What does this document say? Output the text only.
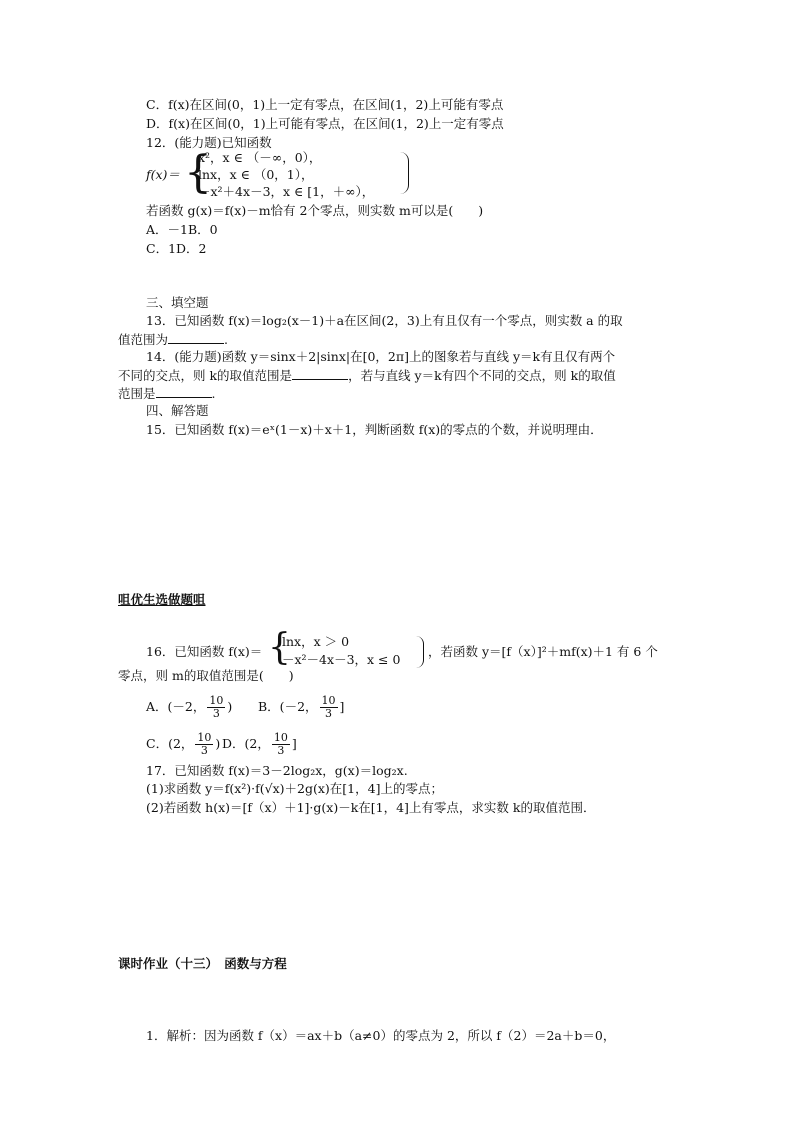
C．f(x)在区间(0，1)上一定有零点，在区间(1，2)上可能有零点
D．f(x)在区间(0，1)上可能有零点，在区间(1，2)上一定有零点
12．(能力题)已知函数
f(x)＝ {
x²，x ∈ （－∞，0），
lnx，x ∈ （0，1），
－x²＋4x－3，x ∈ [1，＋∞），
若函数 g(x)＝f(x)－m恰有 2个零点，则实数 m可以是(　　)
A．－1B．0
C．1D．2
三、填空题
13．已知函数 f(x)＝log₂(x－1)＋a在区间(2，3)上有且仅有一个零点，则实数 a 的取
值范围为	.
14．(能力题)函数 y＝sinx＋2|sinx|在[0，2π]上的图象若与直线 y＝k有且仅有两个
不同的交点，则 k的取值范围是	，若与直线 y＝k有四个不同的交点，则 k的取值
范围是	.
四、解答题
15．已知函数 f(x)＝eˣ(1－x)＋x＋1，判断函数 f(x)的零点的个数，并说明理由．
咀优生选做题咀
16．已知函数 f(x)＝ {
lnx，x ＞ 0
－x²－4x－3，x ≤ 0
，若函数 y＝[f（x）]²＋mf(x)＋1 有 6 个
零点，则 m的取值范围是(　　)
A．(－2， $\frac{10}{3}$ ) B．(－2， $\frac{10}{3}$ ]
C．(2， $\frac{10}{3}$ ) D．(2， $\frac{10}{3}$ ]
17．已知函数 f(x)＝3－2log₂x，g(x)＝log₂x.
(1)求函数 y＝f(x²)·f(√x)＋2g(x)在[1，4]上的零点；
(2)若函数 h(x)＝[f（x）＋1]·g(x)－k在[1，4]上有零点，求实数 k的取值范围．
课时作业（十三）　函数与方程
1．解析：因为函数 f（x）＝ax＋b（a≠0）的零点为 2，所以 f（2）＝2a＋b＝0，
